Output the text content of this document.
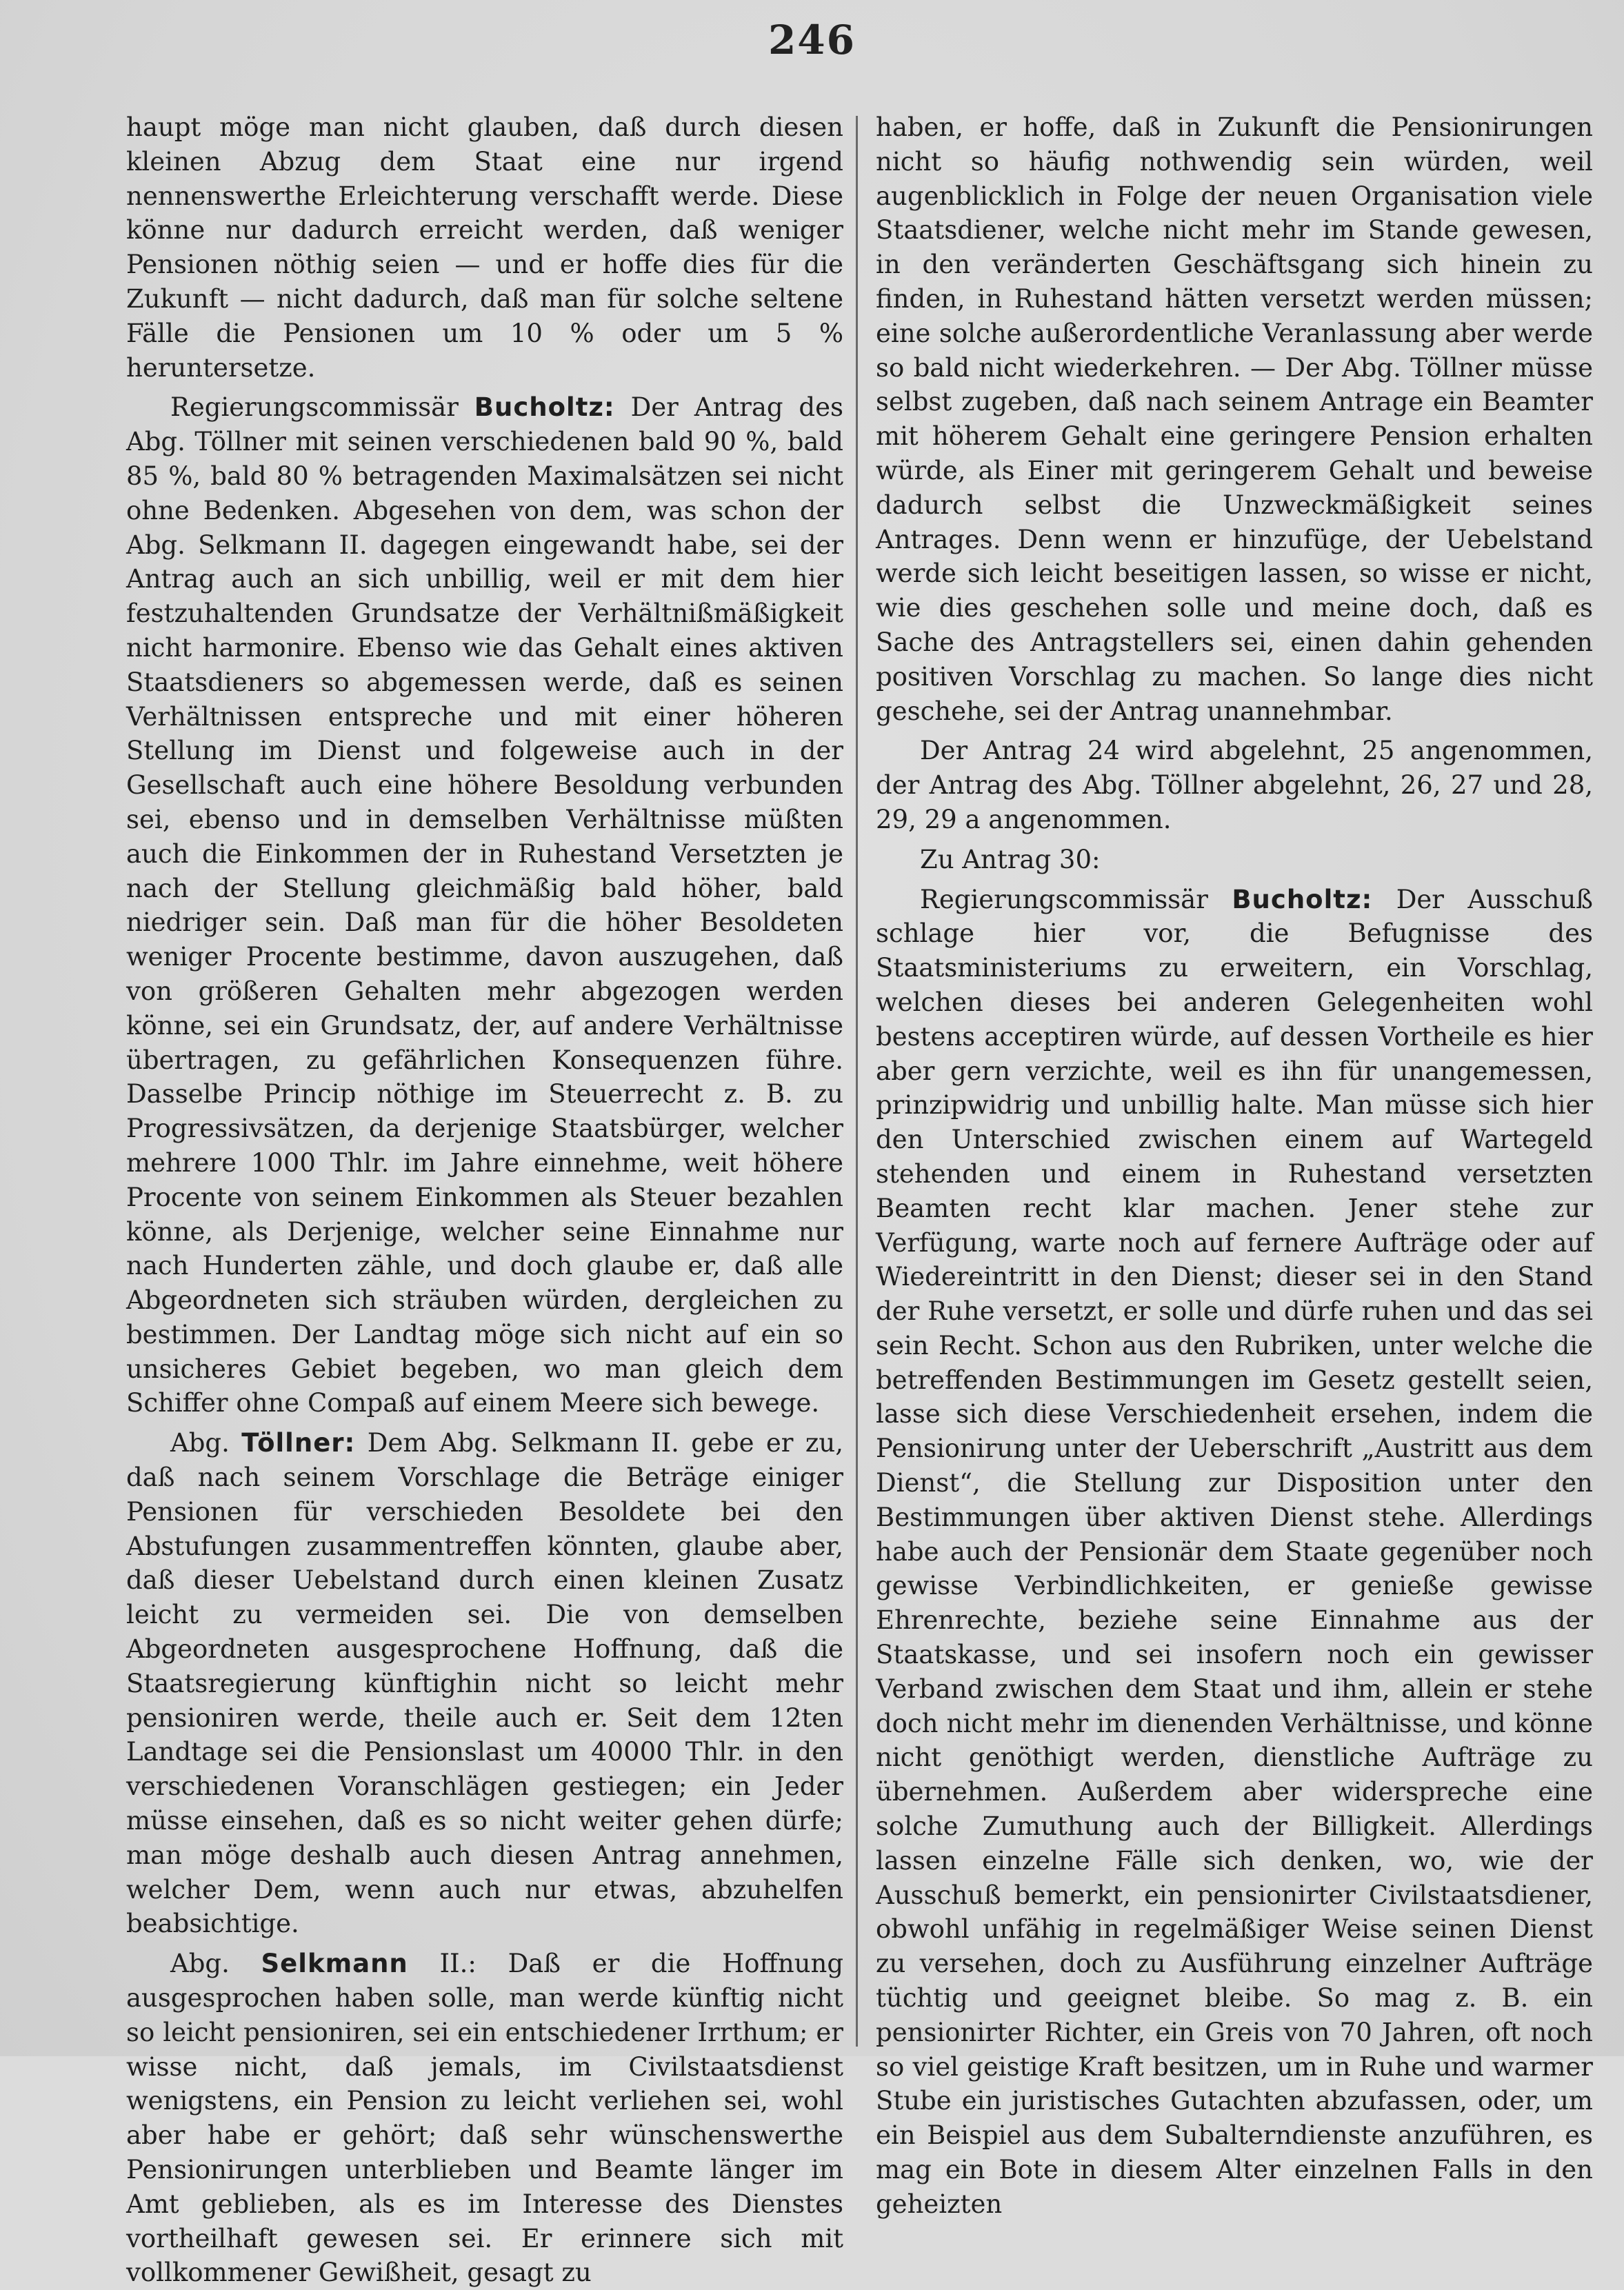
246

haupt möge man nicht glauben, daß durch diesen kleinen Abzug dem Staat eine nur irgend nennenswerthe Erleichterung verschafft werde. Diese könne nur dadurch erreicht werden, daß weniger Pensionen nöthig seien — und er hoffe dies für die Zukunft — nicht dadurch, daß man für solche seltene Fälle die Pensionen um 10 % oder um 5 % heruntersetze.

Regierungscommissär Bucholtz: Der Antrag des Abg. Töllner mit seinen verschiedenen bald 90 %, bald 85 %, bald 80 % betragenden Maximalsätzen sei nicht ohne Bedenken. Abgesehen von dem, was schon der Abg. Selkmann II. dagegen eingewandt habe, sei der Antrag auch an sich unbillig, weil er mit dem hier festzuhaltenden Grundsatze der Verhältnißmäßigkeit nicht harmonire. Ebenso wie das Gehalt eines aktiven Staatsdieners so abgemessen werde, daß es seinen Verhältnissen entspreche und mit einer höheren Stellung im Dienst und folgeweise auch in der Gesellschaft auch eine höhere Besoldung verbunden sei, ebenso und in demselben Verhältnisse müßten auch die Einkommen der in Ruhestand Versetzten je nach der Stellung gleichmäßig bald höher, bald niedriger sein. Daß man für die höher Besoldeten weniger Procente bestimme, davon auszugehen, daß von größeren Gehalten mehr abgezogen werden könne, sei ein Grundsatz, der, auf andere Verhältnisse übertragen, zu gefährlichen Konsequenzen führe. Dasselbe Princip nöthige im Steuerrecht z. B. zu Progressivsätzen, da derjenige Staatsbürger, welcher mehrere 1000 Thlr. im Jahre einnehme, weit höhere Procente von seinem Einkommen als Steuer bezahlen könne, als Derjenige, welcher seine Einnahme nur nach Hunderten zähle, und doch glaube er, daß alle Abgeordneten sich sträuben würden, dergleichen zu bestimmen. Der Landtag möge sich nicht auf ein so unsicheres Gebiet begeben, wo man gleich dem Schiffer ohne Compaß auf einem Meere sich bewege.

Abg. Töllner: Dem Abg. Selkmann II. gebe er zu, daß nach seinem Vorschlage die Beträge einiger Pensionen für verschieden Besoldete bei den Abstufungen zusammentreffen könnten, glaube aber, daß dieser Uebelstand durch einen kleinen Zusatz leicht zu vermeiden sei. Die von demselben Abgeordneten ausgesprochene Hoffnung, daß die Staatsregierung künftighin nicht so leicht mehr pensioniren werde, theile auch er. Seit dem 12ten Landtage sei die Pensionslast um 40000 Thlr. in den verschiedenen Voranschlägen gestiegen; ein Jeder müsse einsehen, daß es so nicht weiter gehen dürfe; man möge deshalb auch diesen Antrag annehmen, welcher Dem, wenn auch nur etwas, abzuhelfen beabsichtige.

Abg. Selkmann II.: Daß er die Hoffnung ausgesprochen haben solle, man werde künftig nicht so leicht pensioniren, sei ein entschiedener Irrthum; er wisse nicht, daß jemals, im Civilstaatsdienst wenigstens, ein Pension zu leicht verliehen sei, wohl aber habe er gehört; daß sehr wünschenswerthe Pensionirungen unterblieben und Beamte länger im Amt geblieben, als es im Interesse des Dienstes vortheilhaft gewesen sei. Er erinnere sich mit vollkommener Gewißheit, gesagt zu

haben, er hoffe, daß in Zukunft die Pensionirungen nicht so häufig nothwendig sein würden, weil augenblicklich in Folge der neuen Organisation viele Staatsdiener, welche nicht mehr im Stande gewesen, in den veränderten Geschäftsgang sich hinein zu finden, in Ruhestand hätten versetzt werden müssen; eine solche außerordentliche Veranlassung aber werde so bald nicht wiederkehren. — Der Abg. Töllner müsse selbst zugeben, daß nach seinem Antrage ein Beamter mit höherem Gehalt eine geringere Pension erhalten würde, als Einer mit geringerem Gehalt und beweise dadurch selbst die Unzweckmäßigkeit seines Antrages. Denn wenn er hinzufüge, der Uebelstand werde sich leicht beseitigen lassen, so wisse er nicht, wie dies geschehen solle und meine doch, daß es Sache des Antragstellers sei, einen dahin gehenden positiven Vorschlag zu machen. So lange dies nicht geschehe, sei der Antrag unannehmbar.

Der Antrag 24 wird abgelehnt, 25 angenommen, der Antrag des Abg. Töllner abgelehnt, 26, 27 und 28, 29, 29 a angenommen.

Zu Antrag 30:

Regierungscommissär Bucholtz: Der Ausschuß schlage hier vor, die Befugnisse des Staatsministeriums zu erweitern, ein Vorschlag, welchen dieses bei anderen Gelegenheiten wohl bestens acceptiren würde, auf dessen Vortheile es hier aber gern verzichte, weil es ihn für unangemessen, prinzipwidrig und unbillig halte. Man müsse sich hier den Unterschied zwischen einem auf Wartegeld stehenden und einem in Ruhestand versetzten Beamten recht klar machen. Jener stehe zur Verfügung, warte noch auf fernere Aufträge oder auf Wiedereintritt in den Dienst; dieser sei in den Stand der Ruhe versetzt, er solle und dürfe ruhen und das sei sein Recht. Schon aus den Rubriken, unter welche die betreffenden Bestimmungen im Gesetz gestellt seien, lasse sich diese Verschiedenheit ersehen, indem die Pensionirung unter der Ueberschrift „Austritt aus dem Dienst“, die Stellung zur Disposition unter den Bestimmungen über aktiven Dienst stehe. Allerdings habe auch der Pensionär dem Staate gegenüber noch gewisse Verbindlichkeiten, er genieße gewisse Ehrenrechte, beziehe seine Einnahme aus der Staatskasse, und sei insofern noch ein gewisser Verband zwischen dem Staat und ihm, allein er stehe doch nicht mehr im dienenden Verhältnisse, und könne nicht genöthigt werden, dienstliche Aufträge zu übernehmen. Außerdem aber widerspreche eine solche Zumuthung auch der Billigkeit. Allerdings lassen einzelne Fälle sich denken, wo, wie der Ausschuß bemerkt, ein pensionirter Civilstaatsdiener, obwohl unfähig in regelmäßiger Weise seinen Dienst zu versehen, doch zu Ausführung einzelner Aufträge tüchtig und geeignet bleibe. So mag z. B. ein pensionirter Richter, ein Greis von 70 Jahren, oft noch so viel geistige Kraft besitzen, um in Ruhe und warmer Stube ein juristisches Gutachten abzufassen, oder, um ein Beispiel aus dem Subalterndienste anzuführen, es mag ein Bote in diesem Alter einzelnen Falls in den geheizten
